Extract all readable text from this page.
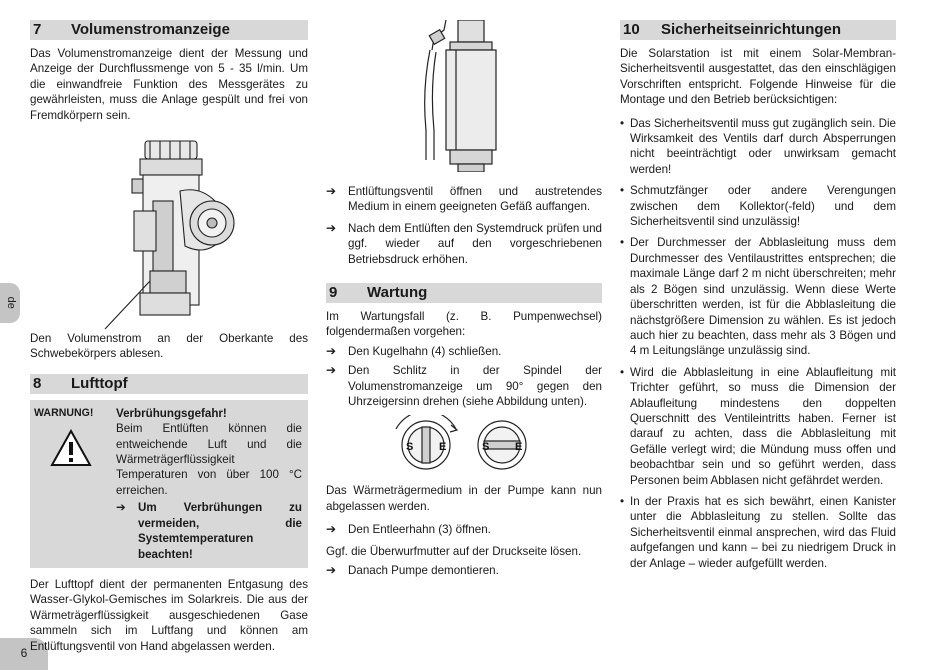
de
6
7	Volumenstromanzeige

Das Volumenstromanzeige dient der Messung und Anzeige der Durchflussmenge von 5 - 35 l/min. Um die einwandfreie Funktion des Messgerätes zu gewährleisten, muss die Anlage gespült und frei von Fremdkörpern sein.

Den Volumenstrom an der Oberkante des Schwebekörpers ablesen.

8	Lufttopf
WARNUNG!	Verbrühungsgefahr!
Beim Entlüften können die entweichende Luft und die Wärmeträgerflüssigkeit Temperaturen von über 100 °C erreichen.
➔	Um Verbrühungen zu vermeiden, die Systemtemperaturen beachten!

Der Lufttopf dient der permanenten Entgasung des Wasser-Glykol-Gemisches im Solarkreis. Die aus der Wärmeträgerflüssigkeit ausgeschiedenen Gase sammeln sich im Luftfang und können am Entlüftungsventil von Hand abgelassen werden.

➔	Entlüftungsventil öffnen und austretendes Medium in einem geeigneten Gefäß auffangen.
➔	Nach dem Entlüften den Systemdruck prüfen und ggf. wieder auf den vorgeschriebenen Betriebsdruck erhöhen.
9	Wartung

Im Wartungsfall (z. B. Pumpenwechsel) folgendermaßen vorgehen:

➔	Den Kugelhahn (4) schließen.
➔	Den Schlitz in der Spindel der Volumenstromanzeige um 90° gegen den Uhrzeigersinn drehen (siehe Abbildung unten).
S E	S E

Das Wärmeträgermedium in der Pumpe kann nun abgelassen werden.

➔	Den Entleerhahn (3) öffnen.

Ggf. die Überwurfmutter auf der Druckseite lösen.

➔	Danach Pumpe demontieren.
10	Sicherheitseinrichtungen

Die Solarstation ist mit einem Solar-Membran-Sicherheitsventil ausgestattet, das den einschlägigen Vorschriften entspricht. Folgende Hinweise für die Montage und den Betrieb berücksichtigen:

• Das Sicherheitsventil muss gut zugänglich sein. Die Wirksamkeit des Ventils darf durch Absperrungen nicht beeinträchtigt oder unwirksam gemacht werden!
• Schmutzfänger oder andere Verengungen zwischen dem Kollektor(-feld) und dem Sicherheitsventil sind unzulässig!
• Der Durchmesser der Abblasleitung muss dem Durchmesser des Ventilaustrittes entsprechen; die maximale Länge darf 2 m nicht überschreiten; mehr als 2 Bögen sind unzulässig. Wenn diese Werte überschritten werden, ist für die Abblasleitung die nächstgrößere Dimension zu wählen. Es ist jedoch auch hier zu beachten, dass mehr als 3 Bögen und 4 m Leitungslänge unzulässig sind.
• Wird die Abblasleitung in eine Ablaufleitung mit Trichter geführt, so muss die Dimension der Ablaufleitung mindestens den doppelten Querschnitt des Ventileintritts haben. Ferner ist darauf zu achten, dass die Abblasleitung mit Gefälle verlegt wird; die Mündung muss offen und beobachtbar sein und so geführt werden, dass Personen beim Abblasen nicht gefährdet werden.
• In der Praxis hat es sich bewährt, einen Kanister unter die Abblasleitung zu stellen. Sollte das Sicherheitsventil einmal ansprechen, wird das Fluid aufgefangen und kann – bei zu niedrigem Druck in der Anlage – wieder aufgefüllt werden.
